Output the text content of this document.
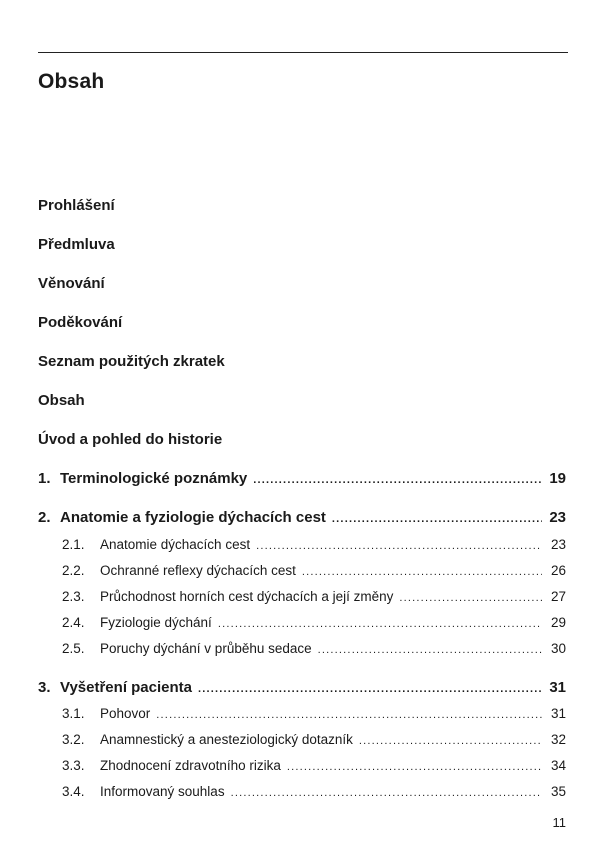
Obsah
Prohlášení
Předmluva
Věnování
Poděkování
Seznam použitých zkratek
Obsah
Úvod a pohled do historie
1. Terminologické poznámky .....	19
2. Anatomie a fyziologie dýchacích cest .....	23
2.1.	Anatomie dýchacích cest .....	23
2.2.	Ochranné reflexy dýchacích cest .....	26
2.3.	Průchodnost horních cest dýchacích a její změny .....	27
2.4.	Fyziologie dýchání .....	29
2.5.	Poruchy dýchání v průběhu sedace .....	30
3. Vyšetření pacienta .....	31
3.1.	Pohovor .....	31
3.2.	Anamnestický a anesteziologický dotazník .....	32
3.3.	Zhodnocení zdravotního rizika .....	34
3.4.	Informovaný souhlas .....	35
11
